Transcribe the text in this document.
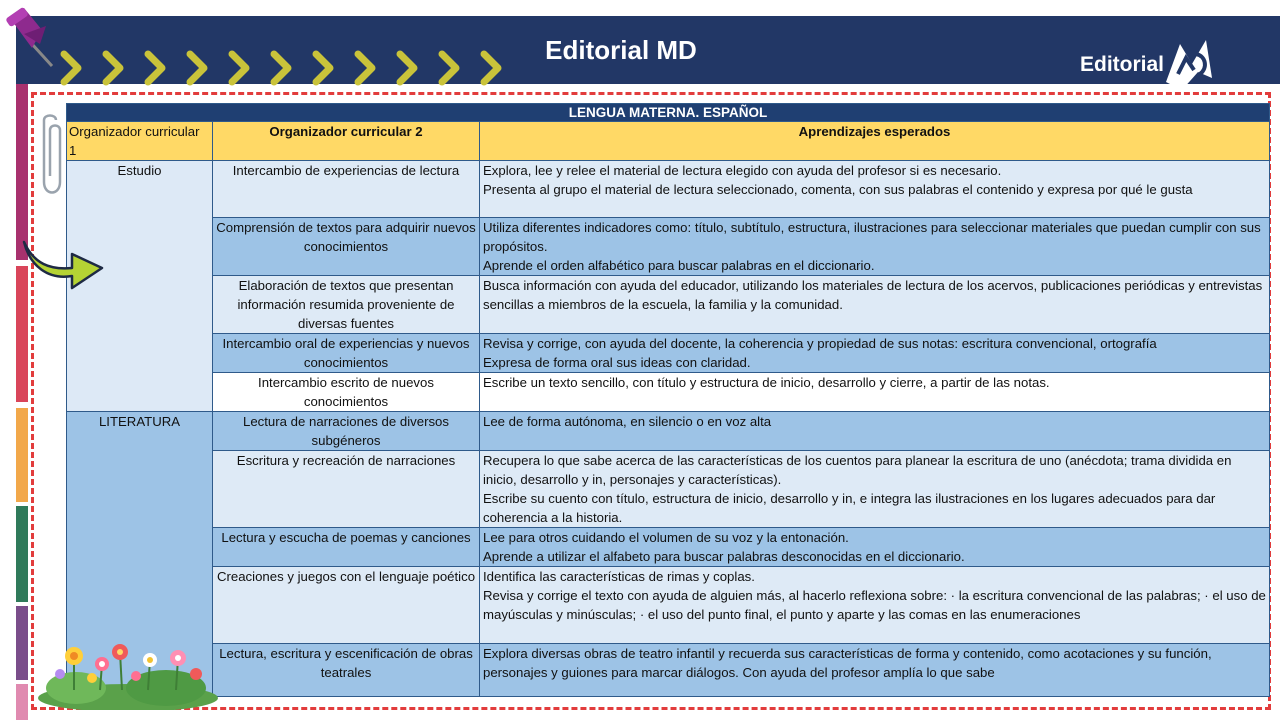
Editorial MD	Editorial
LENGUA MATERNA. ESPAÑOL		
Organizador curricular 1	Organizador curricular 2	Aprendizajes esperados
Estudio	Intercambio de experiencias de lectura	Explora, lee y relee el material de lectura elegido con ayuda del profesor si es necesario.
Presenta al grupo el material de lectura seleccionado, comenta, con sus palabras el contenido y expresa por qué le gusta

	Comprensión de textos para adquirir nuevos conocimientos	Utiliza diferentes indicadores como: título, subtítulo, estructura, ilustraciones para seleccionar materiales que puedan cumplir con sus propósitos.
Aprende el orden alfabético para buscar palabras en el diccionario.

	Elaboración de textos que presentan información resumida proveniente de diversas fuentes	Busca información con ayuda del educador, utilizando los materiales de lectura de los acervos, publicaciones periódicas y entrevistas sencillas a miembros de la escuela, la familia y la comunidad.

	Intercambio oral de experiencias y nuevos conocimientos	Revisa y corrige, con ayuda del docente, la coherencia y propiedad de sus notas: escritura convencional, ortografía
Expresa de forma oral sus ideas con claridad.

	Intercambio escrito de nuevos conocimientos	Escribe un texto sencillo, con título y estructura de inicio, desarrollo y cierre, a partir de las notas.

LITERATURA	Lectura de narraciones de diversos subgéneros	Lee de forma autónoma, en silencio o en voz alta

	Escritura y recreación de narraciones	Recupera lo que sabe acerca de las características de los cuentos para planear la escritura de uno (anécdota; trama dividida en inicio, desarrollo y in, personajes y características).
Escribe su cuento con título, estructura de inicio, desarrollo y in, e integra las ilustraciones en los lugares adecuados para dar coherencia a la historia.

	Lectura y escucha de poemas y canciones	Lee para otros cuidando el volumen de su voz y la entonación.
Aprende a utilizar el alfabeto para buscar palabras desconocidas en el diccionario.

	Creaciones y juegos con el lenguaje poético	Identifica las características de rimas y coplas.
Revisa y corrige el texto con ayuda de alguien más, al hacerlo reflexiona sobre: · la escritura convencional de las palabras; · el uso de mayúsculas y minúsculas; · el uso del punto final, el punto y aparte y las comas en las enumeraciones

	Lectura, escritura y escenificación de obras teatrales	Explora diversas obras de teatro infantil y recuerda sus características de forma y contenido, como acotaciones y su función, personajes y guiones para marcar diálogos. Con ayuda del profesor amplía lo que sabe
